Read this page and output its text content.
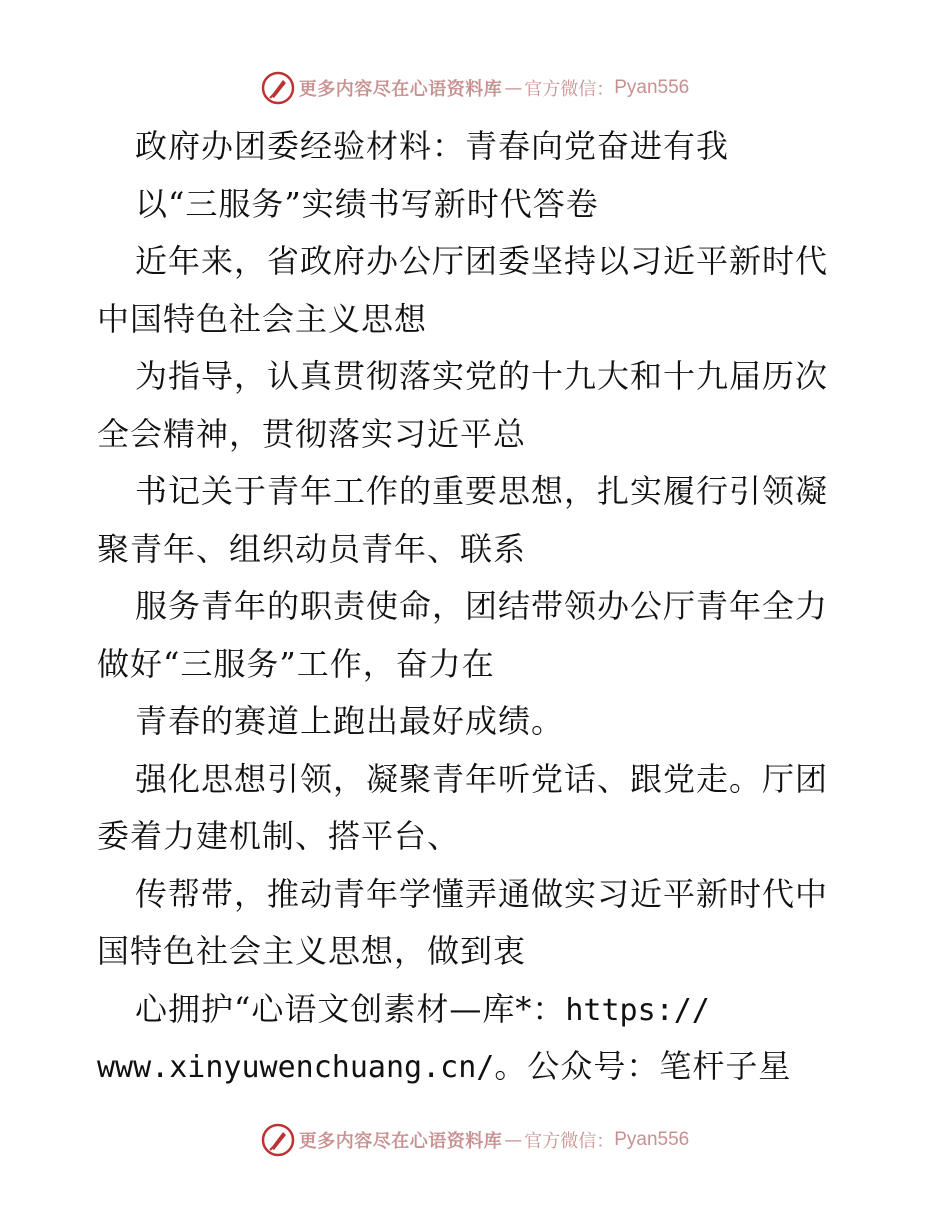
更多内容尽在心语资料库 — 官方微信： Pyan556
政府办团委经验材料：青春向党奋进有我
以“三服务”实绩书写新时代答卷
近年来，省政府办公厅团委坚持以习近平新时代
中国特色社会主义思想
为指导，认真贯彻落实党的十九大和十九届历次
全会精神，贯彻落实习近平总
书记关于青年工作的重要思想，扎实履行引领凝
聚青年、组织动员青年、联系
服务青年的职责使命，团结带领办公厅青年全力
做好“三服务”工作，奋力在
青春的赛道上跑出最好成绩。
强化思想引领，凝聚青年听党话、跟党走。厅团
委着力建机制、搭平台、
传帮带，推动青年学懂弄通做实习近平新时代中
国特色社会主义思想，做到衷
心拥护“心语文创素材—库*：https://
www.xinyuwenchuang.cn/。公众号：笔杆子星
更多内容尽在心语资料库 — 官方微信： Pyan556
